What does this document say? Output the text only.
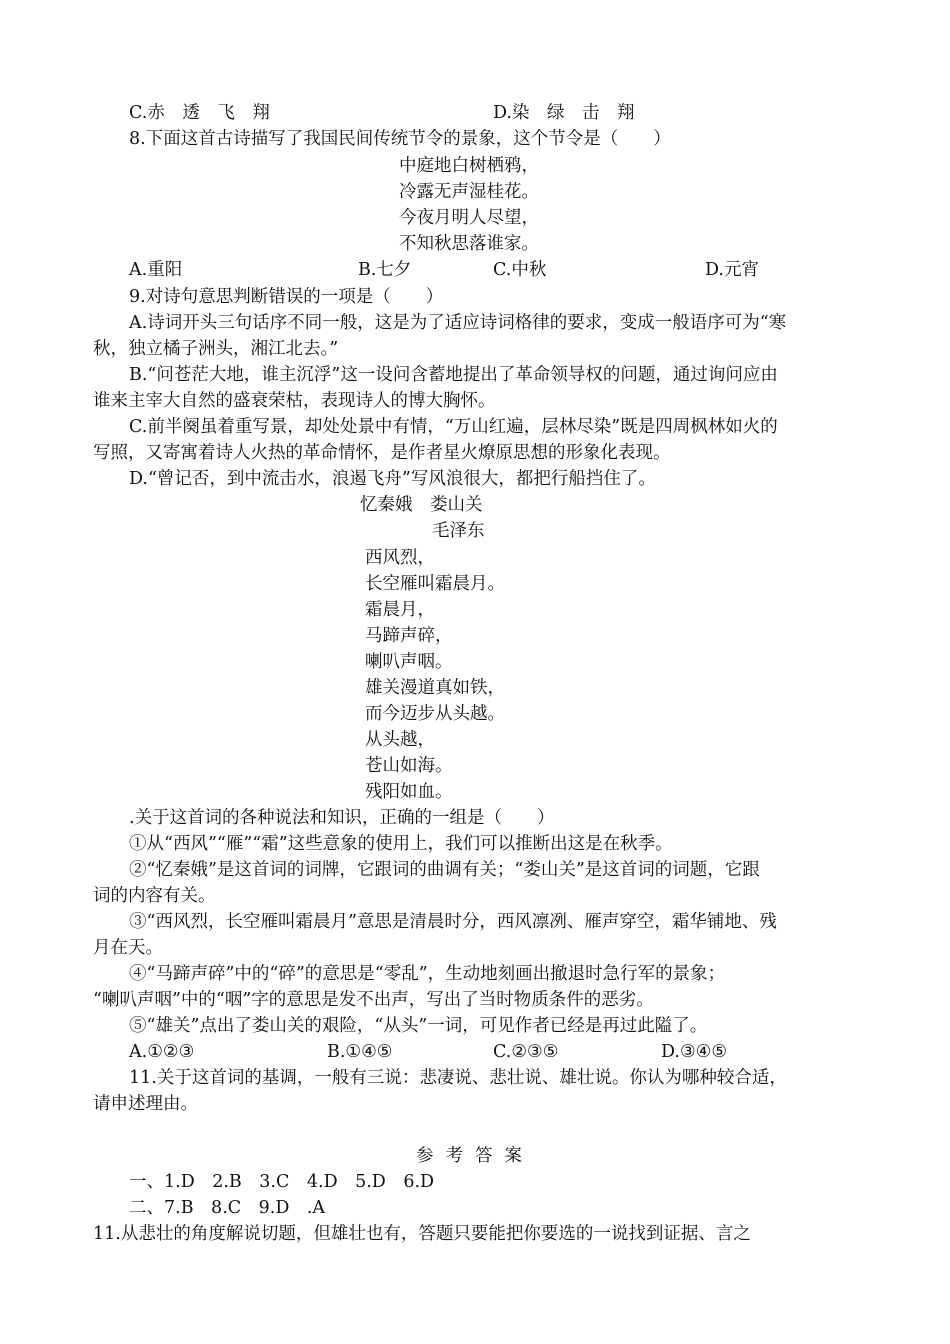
C.赤　透　飞　翔	D.染　绿　击　翔
8.下面这首古诗描写了我国民间传统节令的景象，这个节令是（　　）
中庭地白树栖鸦，
冷露无声湿桂花。
今夜月明人尽望，
不知秋思落谁家。
A.重阳	B.七夕	C.中秋	D.元宵
9.对诗句意思判断错误的一项是（　　）
A.诗词开头三句话序不同一般，这是为了适应诗词格律的要求，变成一般语序可为“寒
秋，独立橘子洲头，湘江北去。”
B.“问苍茫大地，谁主沉浮”这一设问含蓄地提出了革命领导权的问题，通过询问应由
谁来主宰大自然的盛衰荣枯，表现诗人的博大胸怀。
C.前半阕虽着重写景，却处处景中有情，“万山红遍，层林尽染”既是四周枫林如火的
写照，又寄寓着诗人火热的革命情怀，是作者星火燎原思想的形象化表现。
D.“曾记否，到中流击水，浪遏飞舟”写风浪很大，都把行船挡住了。
忆秦娥　娄山关
毛泽东
西风烈，
长空雁叫霜晨月。
霜晨月，
马蹄声碎，
喇叭声咽。
雄关漫道真如铁，
而今迈步从头越。
从头越，
苍山如海。
残阳如血。
.关于这首词的各种说法和知识，正确的一组是（　　）
①从“西风”“雁”“霜”这些意象的使用上，我们可以推断出这是在秋季。
②“忆秦娥”是这首词的词牌，它跟词的曲调有关；“娄山关”是这首词的词题，它跟
词的内容有关。
③“西风烈，长空雁叫霜晨月”意思是清晨时分，西风凛冽、雁声穿空，霜华铺地、残
月在天。
④“马蹄声碎”中的“碎”的意思是“零乱”，生动地刻画出撤退时急行军的景象；
“喇叭声咽”中的“咽”字的意思是发不出声，写出了当时物质条件的恶劣。
⑤“雄关”点出了娄山关的艰险，“从头”一词，可见作者已经是再过此隘了。
A.①②③	B.①④⑤	C.②③⑤	D.③④⑤
11.关于这首词的基调，一般有三说：悲凄说、悲壮说、雄壮说。你认为哪种较合适，
请申述理由。
参考答案
一、1.D　2.B　3.C　4.D　5.D　6.D
二、7.B　8.C　9.D　.A
11.从悲壮的角度解说切题，但雄壮也有，答题只要能把你要选的一说找到证据、言之
